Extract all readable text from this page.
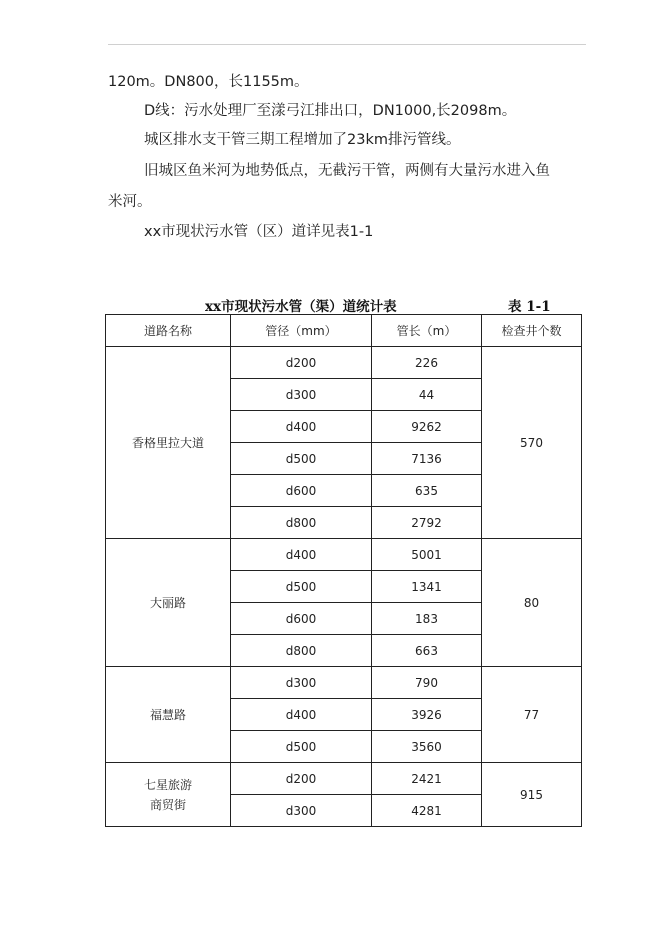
120m。DN800，长1155m。
D线：污水处理厂至漾弓江排出口，DN1000,长2098m。
城区排水支干管三期工程增加了23km排污管线。
旧城区鱼米河为地势低点，无截污干管，两侧有大量污水进入鱼
米河。
xx市现状污水管（区）道详见表1-1
xx市现状污水管（渠）道统计表	表 1-1
道路名称	管径（mm）	管长（m）	检查井个数

香格里拉大道	d200	226	570
	d300	44	
	d400	9262	
	d500	7136	
	d600	635	
	d800	2792	

大丽路	d400	5001	80
	d500	1341	
	d600	183	
	d800	663	

福慧路	d300	790	77
	d400	3926	
	d500	3560	

七星旅游
商贸街	d200	2421	915
	d300	4281	
